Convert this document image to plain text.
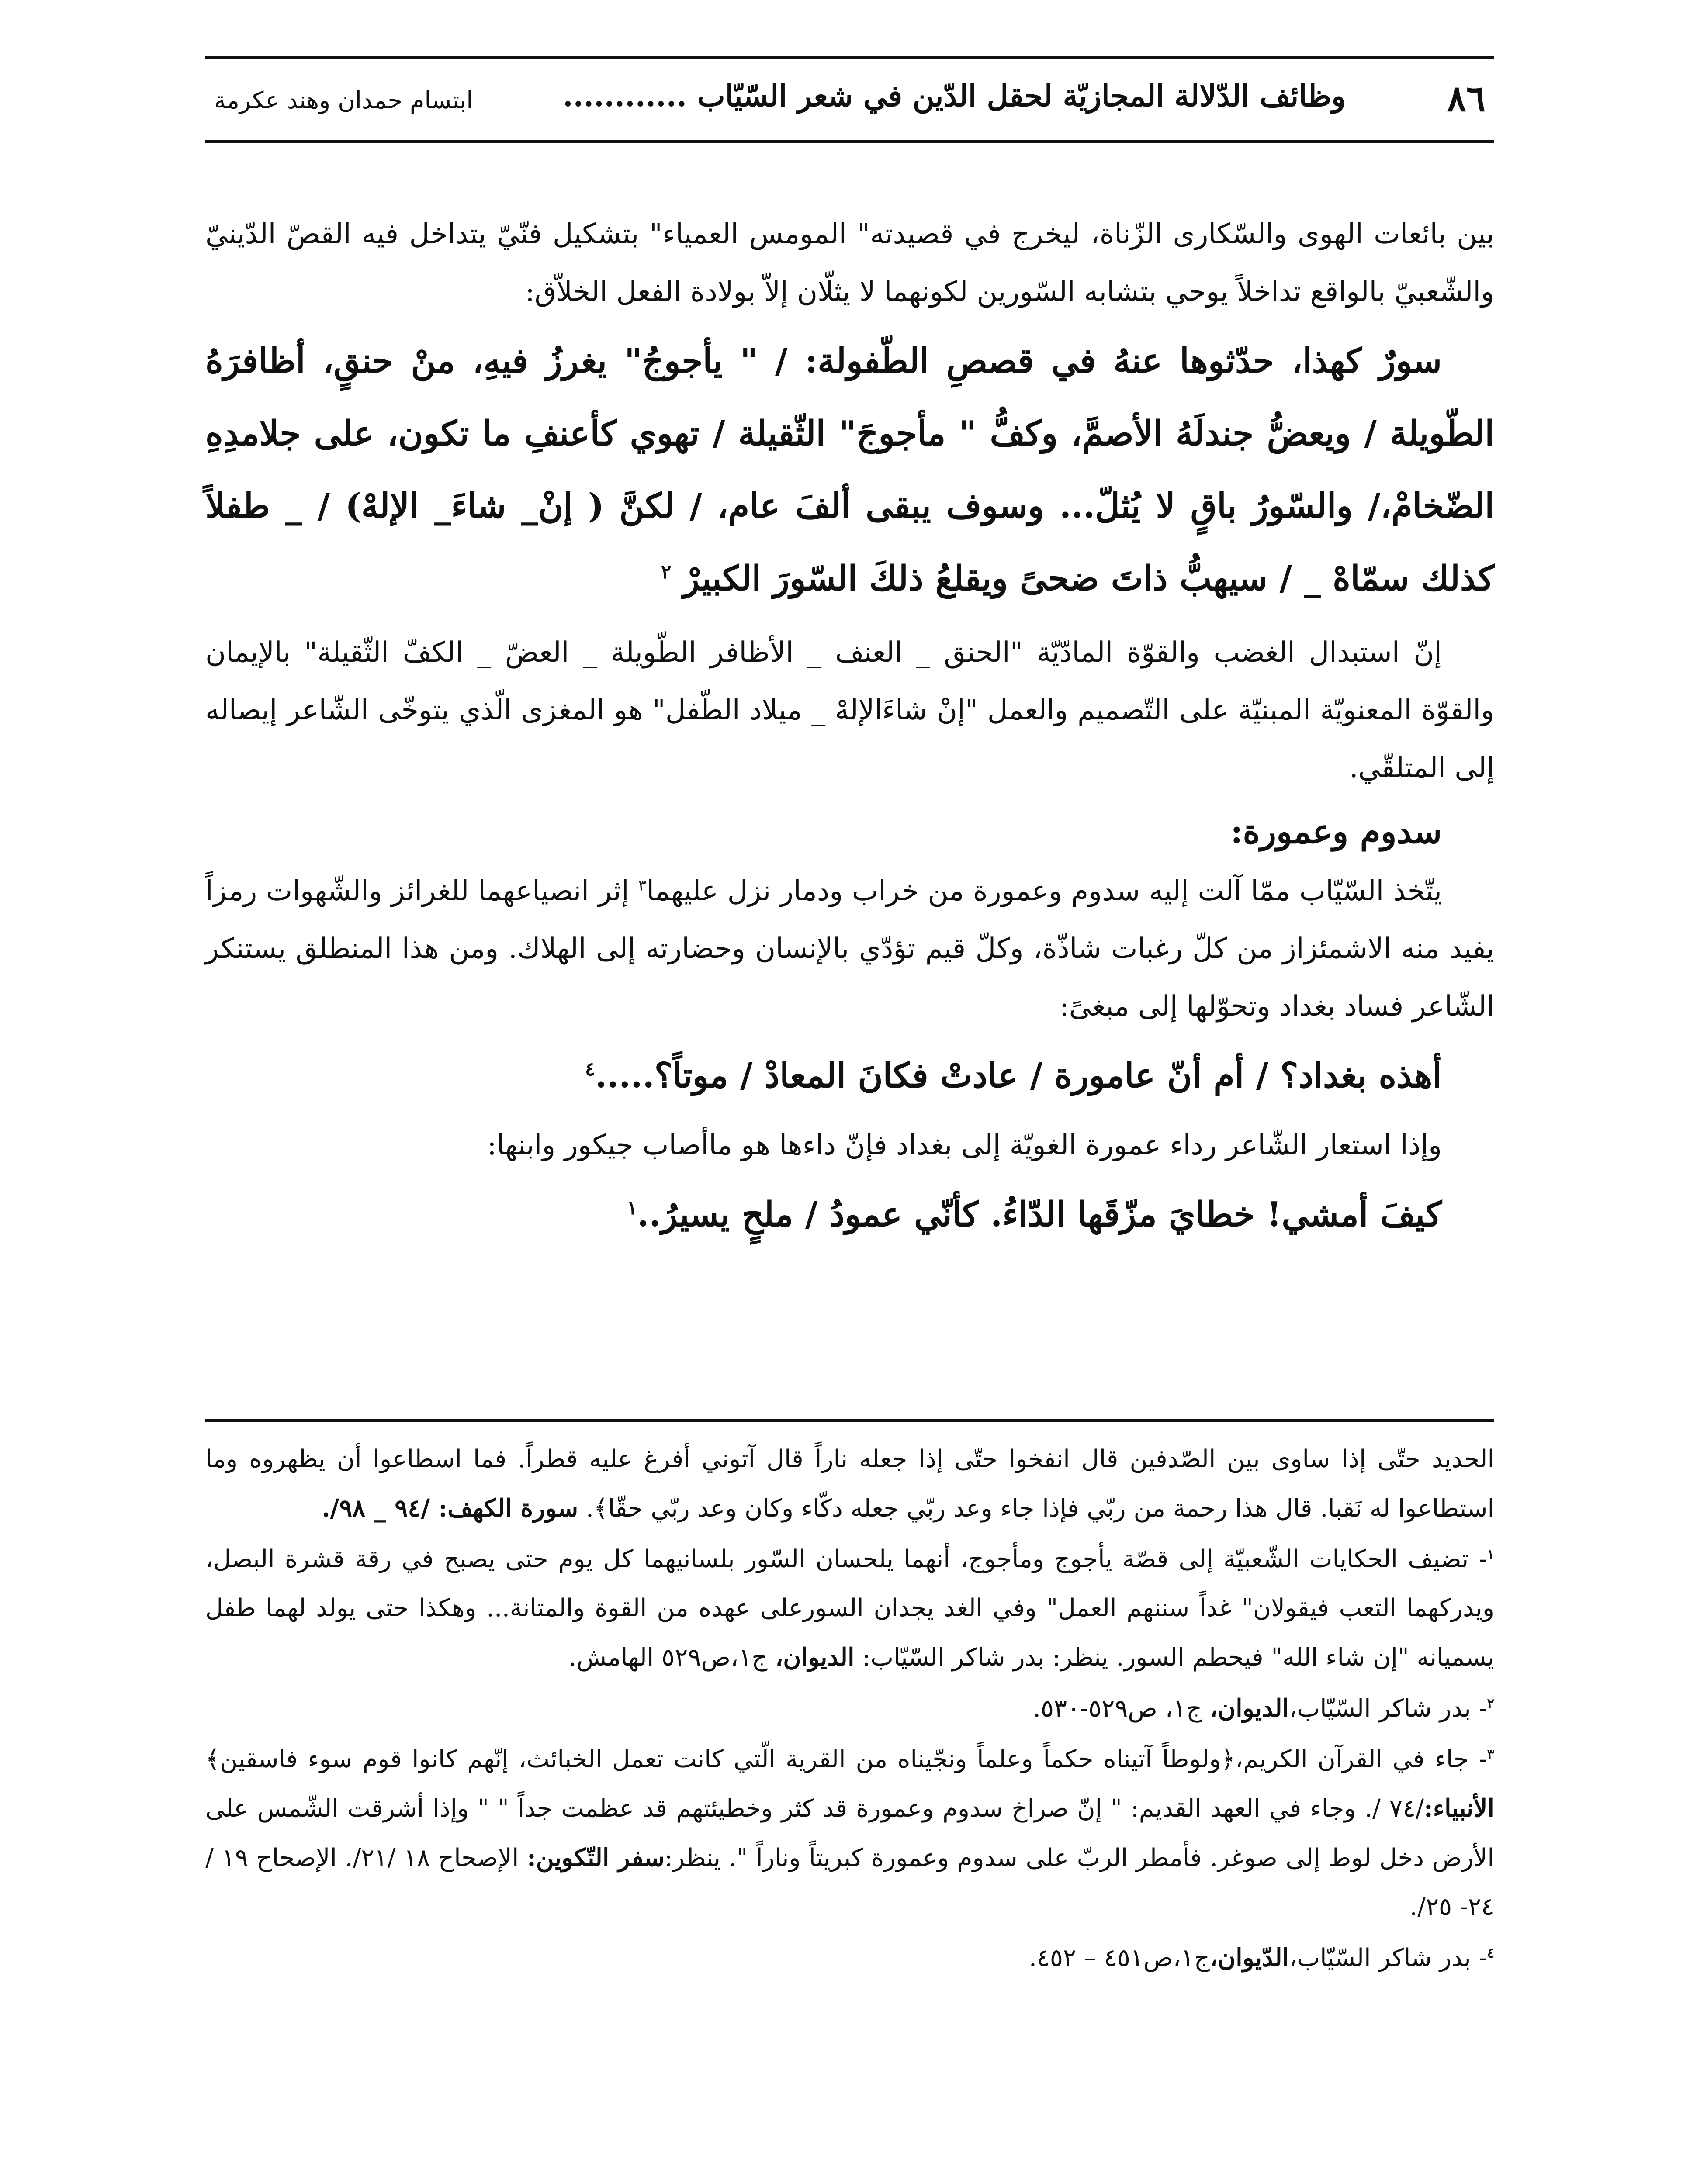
٨٦
وظائف الدّلالة المجازيّة لحقل الدّين في شعر السّيّاب ............
ابتسام حمدان وهند عكرمة

بين بائعات الهوى والسّكارى الزّناة، ليخرج في قصيدته" المومس العمياء" بتشكيل فنّيّ يتداخل فيه القصّ الدّينيّ والشّعبيّ بالواقع تداخلاً يوحي بتشابه السّورين لكونهما لا يثلّان إلاّ بولادة الفعل الخلاّق:

سورٌ كهذا، حدّثوها عنهُ في قصصِ الطّفولة: / " يأجوجُ" يغرزُ فيهِ، منْ حنقٍ، أظافرَهُ الطّويلة / ويعضُّ جندلَهُ الأصمَّ، وكفُّ " مأجوجَ" الثّقيلة / تهوي كأعنفِ ما تكون، على جلامدِهِ الضّخامْ،/ والسّورُ باقٍ لا يُثلّ... وسوف يبقى ألفَ عام، / لكنَّ ( إنْ_ شاءَ_ الإلهْ) / _ طفلاً كذلك سمّاهْ _ / سيهبُّ ذاتَ ضحىً ويقلعُ ذلكَ السّورَ الكبيرْ $^٢$

إنّ استبدال الغضب والقوّة المادّيّة "الحنق _ العنف _ الأظافر الطّويلة _ العضّ _ الكفّ الثّقيلة" بالإيمان والقوّة المعنويّة المبنيّة على التّصميم والعمل "إنْ شاءَالإلهْ _ ميلاد الطّفل" هو المغزى الّذي يتوخّى الشّاعر إيصاله إلى المتلقّي.

سدوم وعمورة:

يتّخذ السّيّاب ممّا آلت إليه سدوم وعمورة من خراب ودمار نزل عليهما$^٣$ إثر انصياعهما للغرائز والشّهوات رمزاً يفيد منه الاشمئزاز من كلّ رغبات شاذّة، وكلّ قيم تؤدّي بالإنسان وحضارته إلى الهلاك. ومن هذا المنطلق يستنكر الشّاعر فساد بغداد وتحوّلها إلى مبغىً:

أهذه بغداد؟ / أم أنّ عامورة / عادتْ فكانَ المعادْ / موتاً؟.....$^٤$

وإذا استعار الشّاعر رداء عمورة الغويّة إلى بغداد فإنّ داءها هو ماأصاب جيكور وابنها:

كيفَ أمشي! خطايَ مزّقَها الدّاءُ. كأنّي عمودُ / ملحٍ يسيرُ..$^١$

الحديد حتّى إذا ساوى بين الصّدفين قال انفخوا حتّى إذا جعله ناراً قال آتوني أفرغ عليه قطراً. فما اسطاعوا أن يظهروه وما استطاعوا له نَقبا. قال هذا رحمة من ربّي فإذا جاء وعد ربّي جعله دكّاء وكان وعد ربّي حقّا﴾. سورة الكهف: /٩٤ _ ٩٨/.

$^١$- تضيف الحكايات الشّعبيّة إلى قصّة يأجوج ومأجوج، أنهما يلحسان السّور بلسانيهما كل يوم حتى يصبح في رقة قشرة البصل، ويدركهما التعب فيقولان" غداً سننهم العمل" وفي الغد يجدان السورعلى عهده من القوة والمتانة... وهكذا حتى يولد لهما طفل يسميانه "إن شاء الله" فيحطم السور. ينظر: بدر شاكر السّيّاب: الديوان، ج١،ص٥٢٩ الهامش.

$^٢$- بدر شاكر السّيّاب،الديوان، ج١، ص٥٢٩-٥٣٠.

$^٣$- جاء في القرآن الكريم،﴿ولوطاً آتيناه حكماً وعلماً ونجّيناه من القرية الّتي كانت تعمل الخبائث، إنّهم كانوا قوم سوء فاسقين﴾الأنبياء:/٧٤ /. وجاء في العهد القديم: " إنّ صراخ سدوم وعمورة قد كثر وخطيئتهم قد عظمت جداً " " وإذا أشرقت الشّمس على الأرض دخل لوط إلى صوغر. فأمطر الربّ على سدوم وعمورة كبريتاً وناراً ". ينظر:سفر التّكوين: الإصحاح ١٨ /٢١/. الإصحاح ١٩ /٢٤- ٢٥/.

$^٤$- بدر شاكر السّيّاب،الدّيوان،ج١،ص٤٥١ – ٤٥٢.
